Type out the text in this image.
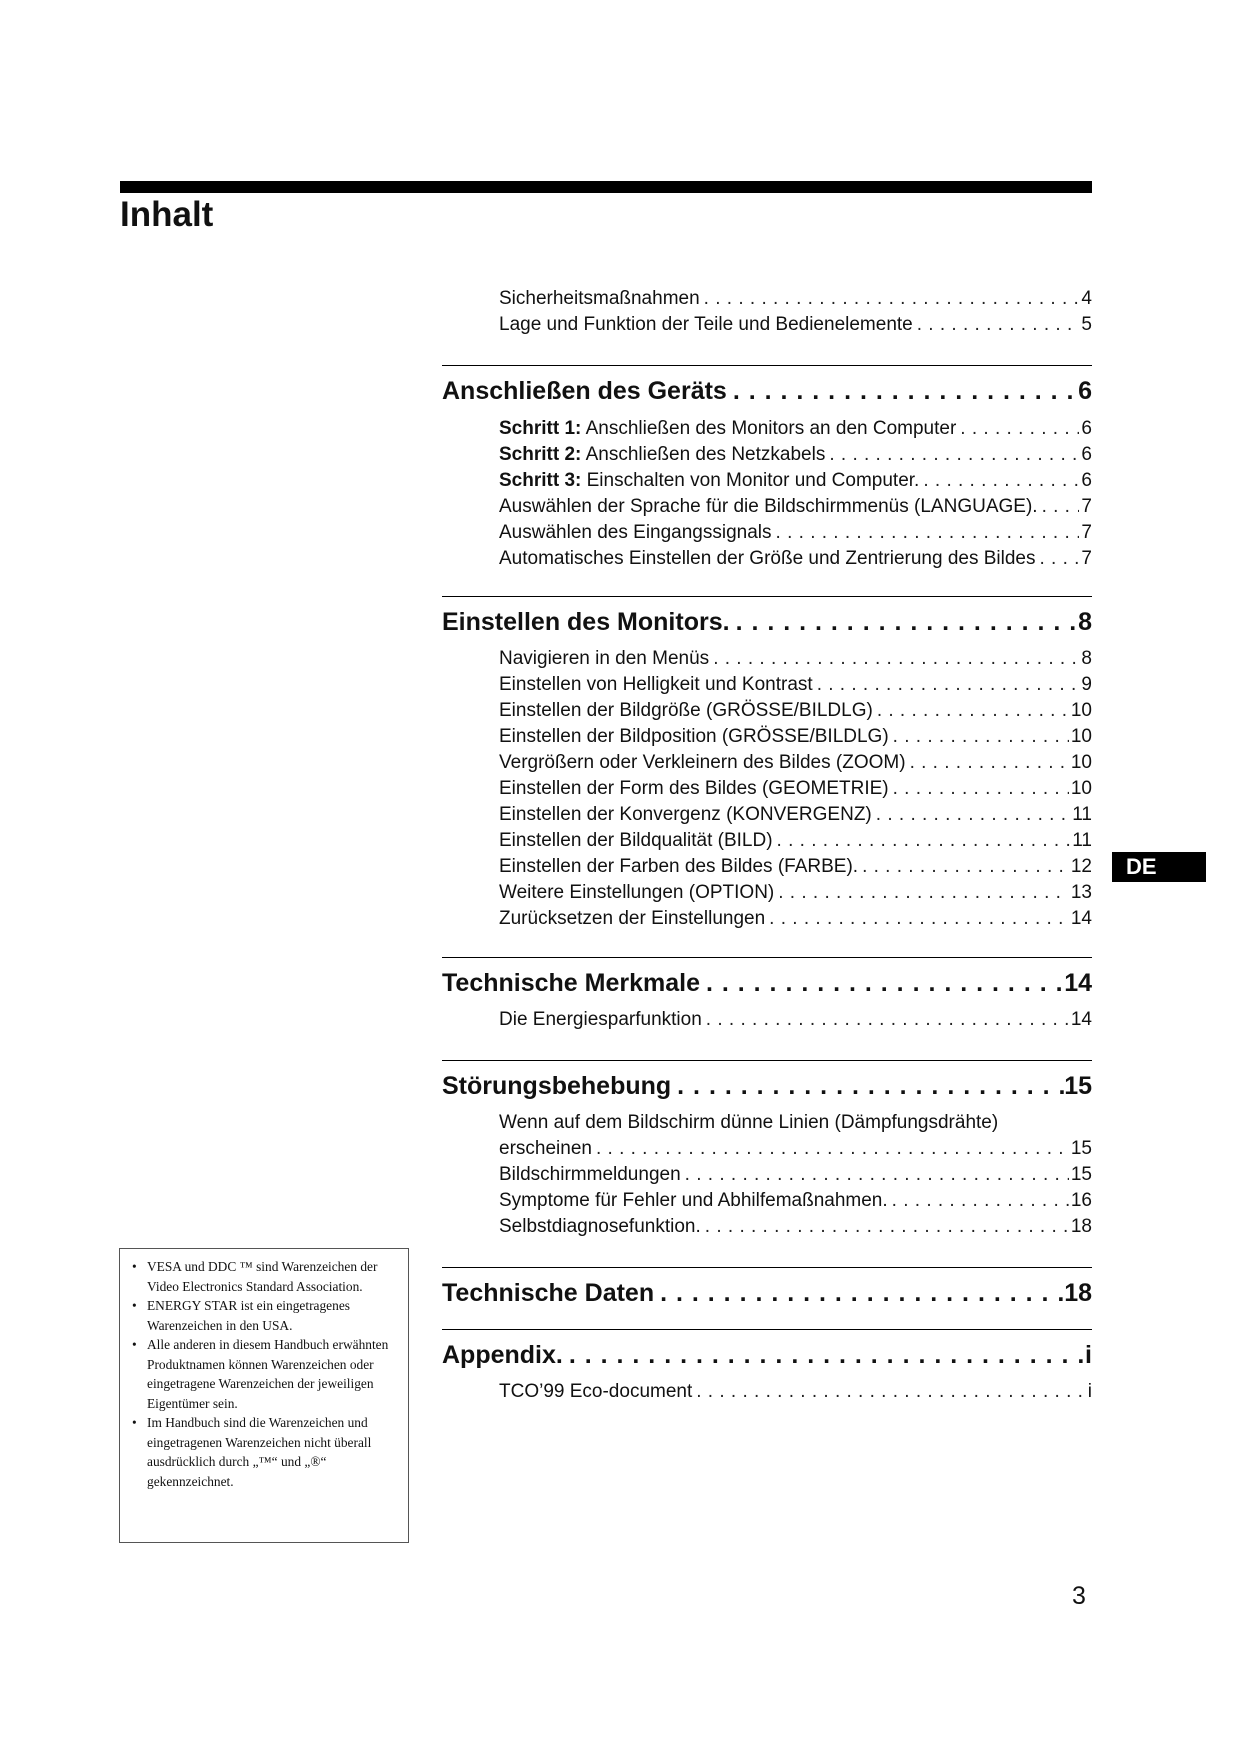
Inhalt
Sicherheitsmaßnahmen	4
. . .
Lage und Funktion der Teile und Bedienelemente	5
. . .
Anschließen des Geräts	6
. . .
Schritt 1: Anschließen des Monitors an den Computer	6
. . .
Schritt 2: Anschließen des Netzkabels	6
. . .
Schritt 3: Einschalten von Monitor und Computer.	6
. . .
Auswählen der Sprache für die Bildschirmmenüs (LANGUAGE). 7
. . .
Auswählen des Eingangssignals	7
. . .
Automatisches Einstellen der Größe und Zentrierung des Bildes 7
. . .
Einstellen des Monitors.	8
. . .
Navigieren in den Menüs	8
. . .
Einstellen von Helligkeit und Kontrast	9
. . .
Einstellen der Bildgröße (GRÖSSE/BILDLG)	10
. . .
Einstellen der Bildposition (GRÖSSE/BILDLG)	10
. . .
Vergrößern oder Verkleinern des Bildes (ZOOM)	10
. . .
Einstellen der Form des Bildes (GEOMETRIE)	10
. . .
Einstellen der Konvergenz (KONVERGENZ)	11
. . .
Einstellen der Bildqualität (BILD)	11
. . .
Einstellen der Farben des Bildes (FARBE).	12
. . .
Weitere Einstellungen (OPTION)	13
. . .
Zurücksetzen der Einstellungen	14
. . .
Technische Merkmale	14
. . .
Die Energiesparfunktion	14
. . .
Störungsbehebung	15
. . .
Wenn auf dem Bildschirm dünne Linien (Dämpfungsdrähte)
erscheinen	15
. . .
Bildschirmmeldungen	15
. . .
Symptome für Fehler und Abhilfemaßnahmen.	16
. . .
Selbstdiagnosefunktion.	18
. . .
Technische Daten	18
. . .
Appendix.	i
. . .
TCO’99 Eco-document	i
. . .
DE
• VESA und DDC ™ sind Warenzeichen der Video Electronics Standard Association.
• ENERGY STAR ist ein eingetragenes Warenzeichen in den USA.
• Alle anderen in diesem Handbuch erwähnten Produktnamen können Warenzeichen oder eingetragene Warenzeichen der jeweiligen Eigentümer sein.
• Im Handbuch sind die Warenzeichen und eingetragenen Warenzeichen nicht überall ausdrücklich durch „™“ und „®“ gekennzeichnet.
3
